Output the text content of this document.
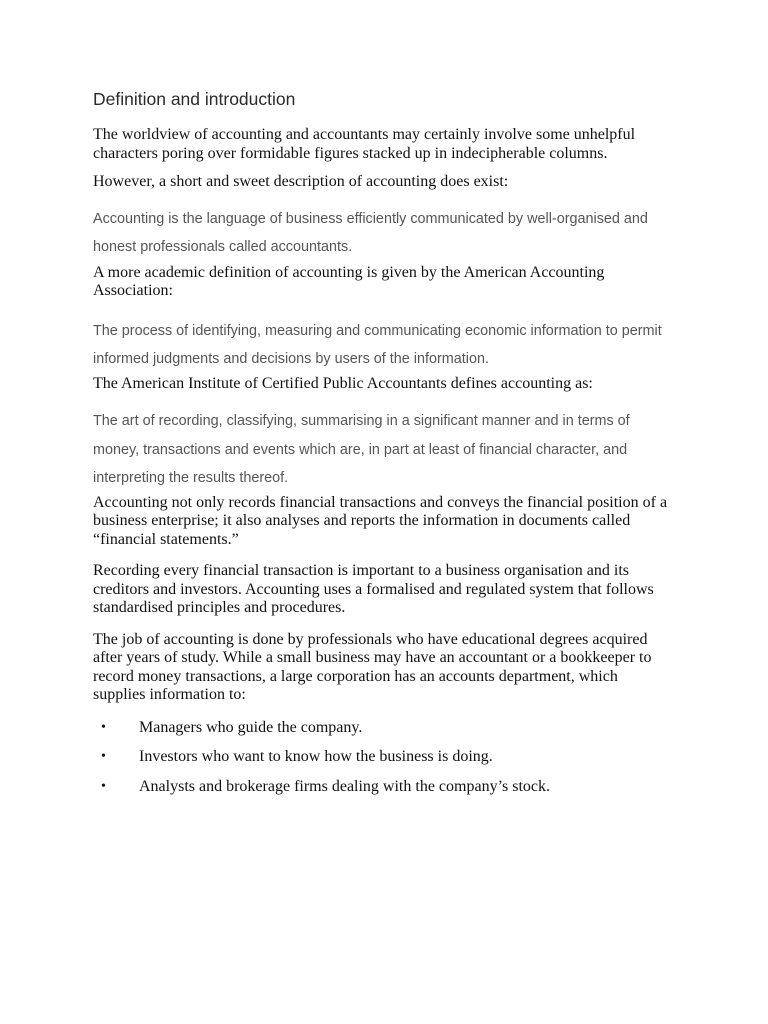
Definition and introduction

The worldview of accounting and accountants may certainly involve some unhelpful characters poring over formidable figures stacked up in indecipherable columns.

However, a short and sweet description of accounting does exist:

Accounting is the language of business efficiently communicated by well-organised and honest professionals called accountants.

A more academic definition of accounting is given by the American Accounting Association:

The process of identifying, measuring and communicating economic information to permit informed judgments and decisions by users of the information.

The American Institute of Certified Public Accountants defines accounting as:

The art of recording, classifying, summarising in a significant manner and in terms of money, transactions and events which are, in part at least of financial character, and interpreting the results thereof.

Accounting not only records financial transactions and conveys the financial position of a business enterprise; it also analyses and reports the information in documents called “financial statements.”

Recording every financial transaction is important to a business organisation and its creditors and investors. Accounting uses a formalised and regulated system that follows standardised principles and procedures.

The job of accounting is done by professionals who have educational degrees acquired after years of study. While a small business may have an accountant or a bookkeeper to record money transactions, a large corporation has an accounts department, which supplies information to:

• Managers who guide the company.
• Investors who want to know how the business is doing.
• Analysts and brokerage firms dealing with the company’s stock.
